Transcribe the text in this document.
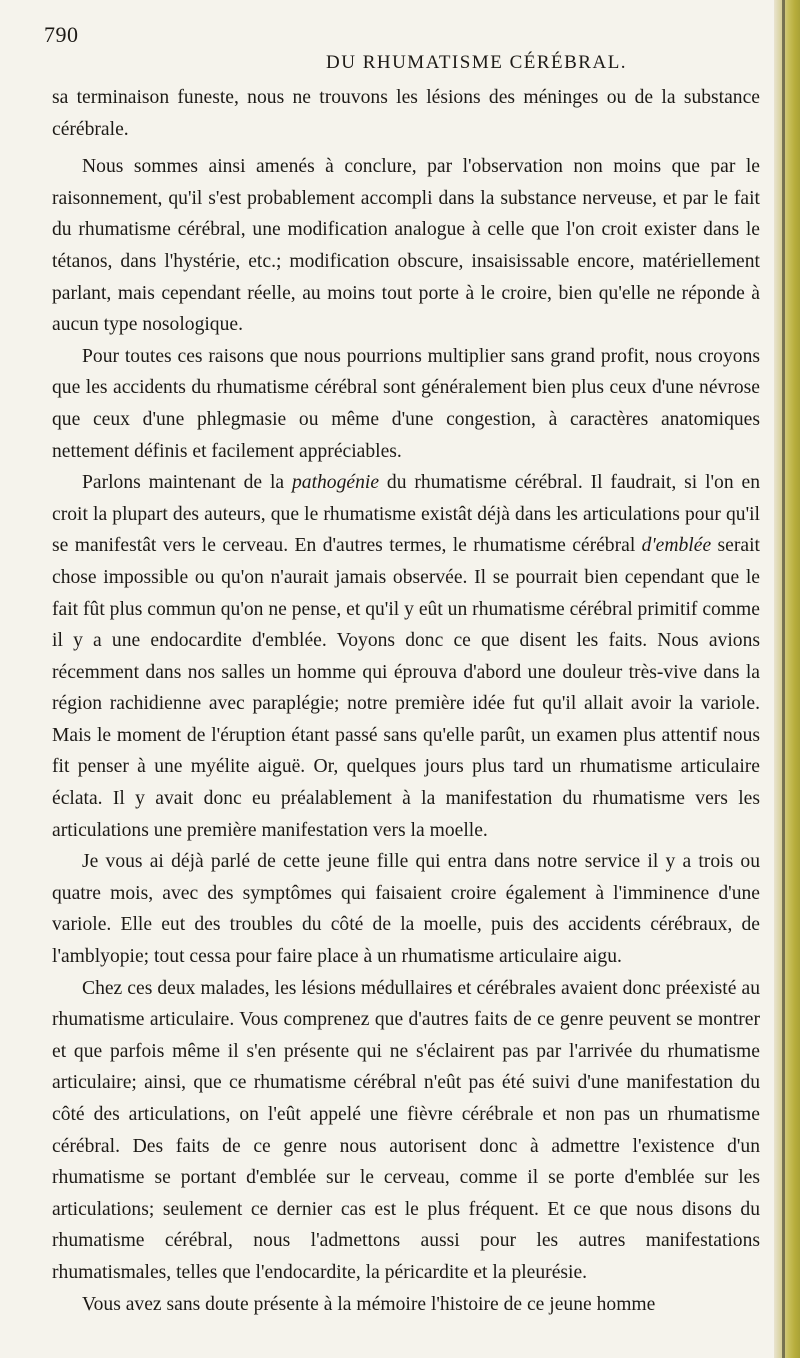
790
DU RHUMATISME CÉRÉBRAL.

sa terminaison funeste, nous ne trouvons les lésions des méninges ou de la substance cérébrale.

Nous sommes ainsi amenés à conclure, par l'observation non moins que par le raisonnement, qu'il s'est probablement accompli dans la substance nerveuse, et par le fait du rhumatisme cérébral, une modification analogue à celle que l'on croit exister dans le tétanos, dans l'hystérie, etc.; modification obscure, insaisissable encore, matériellement parlant, mais cependant réelle, au moins tout porte à le croire, bien qu'elle ne réponde à aucun type nosologique.

Pour toutes ces raisons que nous pourrions multiplier sans grand profit, nous croyons que les accidents du rhumatisme cérébral sont généralement bien plus ceux d'une névrose que ceux d'une phlegmasie ou même d'une congestion, à caractères anatomiques nettement définis et facilement appréciables.

Parlons maintenant de la pathogénie du rhumatisme cérébral. Il faudrait, si l'on en croit la plupart des auteurs, que le rhumatisme existât déjà dans les articulations pour qu'il se manifestât vers le cerveau. En d'autres termes, le rhumatisme cérébral d'emblée serait chose impossible ou qu'on n'aurait jamais observée. Il se pourrait bien cependant que le fait fût plus commun qu'on ne pense, et qu'il y eût un rhumatisme cérébral primitif comme il y a une endocardite d'emblée. Voyons donc ce que disent les faits. Nous avions récemment dans nos salles un homme qui éprouva d'abord une douleur très-vive dans la région rachidienne avec paraplégie; notre première idée fut qu'il allait avoir la variole. Mais le moment de l'éruption étant passé sans qu'elle parût, un examen plus attentif nous fit penser à une myélite aiguë. Or, quelques jours plus tard un rhumatisme articulaire éclata. Il y avait donc eu préalablement à la manifestation du rhumatisme vers les articulations une première manifestation vers la moelle.

Je vous ai déjà parlé de cette jeune fille qui entra dans notre service il y a trois ou quatre mois, avec des symptômes qui faisaient croire également à l'imminence d'une variole. Elle eut des troubles du côté de la moelle, puis des accidents cérébraux, de l'amblyopie; tout cessa pour faire place à un rhumatisme articulaire aigu.

Chez ces deux malades, les lésions médullaires et cérébrales avaient donc préexisté au rhumatisme articulaire. Vous comprenez que d'autres faits de ce genre peuvent se montrer et que parfois même il s'en présente qui ne s'éclairent pas par l'arrivée du rhumatisme articulaire; ainsi, que ce rhumatisme cérébral n'eût pas été suivi d'une manifestation du côté des articulations, on l'eût appelé une fièvre cérébrale et non pas un rhumatisme cérébral. Des faits de ce genre nous autorisent donc à admettre l'existence d'un rhumatisme se portant d'emblée sur le cerveau, comme il se porte d'emblée sur les articulations; seulement ce dernier cas est le plus fréquent. Et ce que nous disons du rhumatisme cérébral, nous l'admettons aussi pour les autres manifestations rhumatismales, telles que l'endocardite, la péricardite et la pleurésie.

Vous avez sans doute présente à la mémoire l'histoire de ce jeune homme
